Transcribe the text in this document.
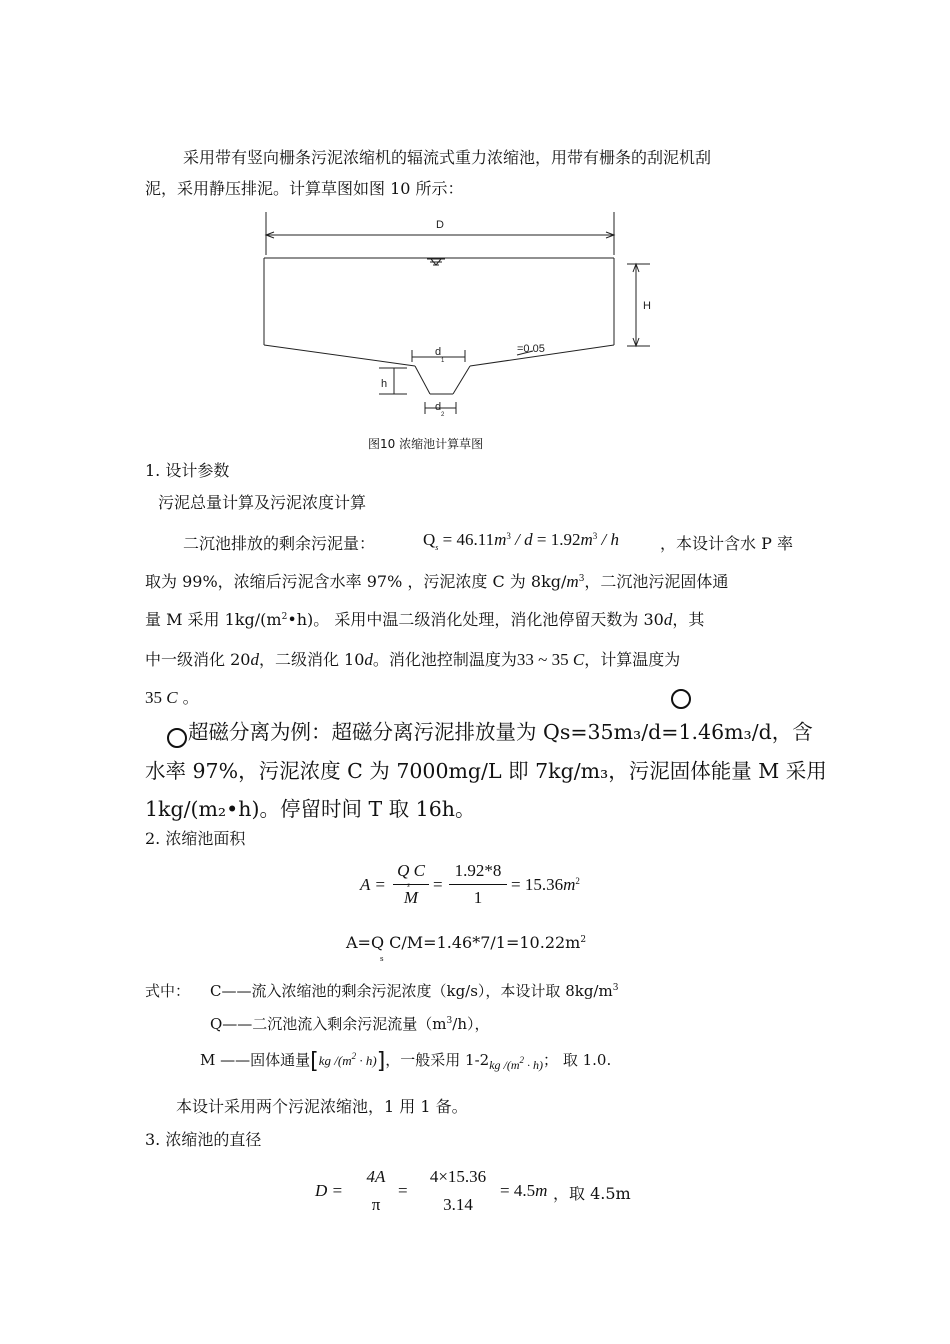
采用带有竖向栅条污泥浓缩机的辐流式重力浓缩池，用带有栅条的刮泥机刮
泥，采用静压排泥。计算草图如图 10 所示：
D
H
h
d
1
d
2
=0.05
图10 浓缩池计算草图
1. 设计参数
污泥总量计算及污泥浓度计算
二沉池排放的剩余污泥量：	$Q_s = 46.11m^3 / d = 1.92m^3 / h$	，本设计含水 P 率
取为 99%，浓缩后污泥含水率 97% ，污泥浓度 C 为 $8kg/m^3$，二沉池污泥固体通
量 M 采用 $1kg/(m^2•h)$。 采用中温二级消化处理，消化池停留天数为 30d，其
中一级消化 20d，二级消化 10d。消化池控制温度为33 ~ 35 C，计算温度为
35 C 。
超磁分离为例：超磁分离污泥排放量为 Qs=35m₃/d=1.46m₃/d，含
水率 97%，污泥浓度 C 为 7000mg/L 即 7kg/m₃，污泥固体能量 M 采用
1kg/(m₂•h)。停留时间 T 取 16h。
2. 浓缩池面积
A =
Q C
s
M
=
1.92*8
1
= $15.36m^2$
A=Q $C/M=1.46*7/1=10.22m^2$
s
式中： C——流入浓缩池的剩余污泥浓度（kg/s），本设计取 $8kg/m^3$
Q——二沉池流入剩余污泥流量$(m^3/h)$，
M ——固体通量[kg $/(m^2 \cdot h)$]，一般采用 $1-2_{kg /(m^2 \cdot h)}$； 取 1.0.
本设计采用两个污泥浓缩池，1 用 1 备。
3. 浓缩池的直径
D =
4A
π
=
4×15.36
3.14
= 4.5m ，取 4.5m
